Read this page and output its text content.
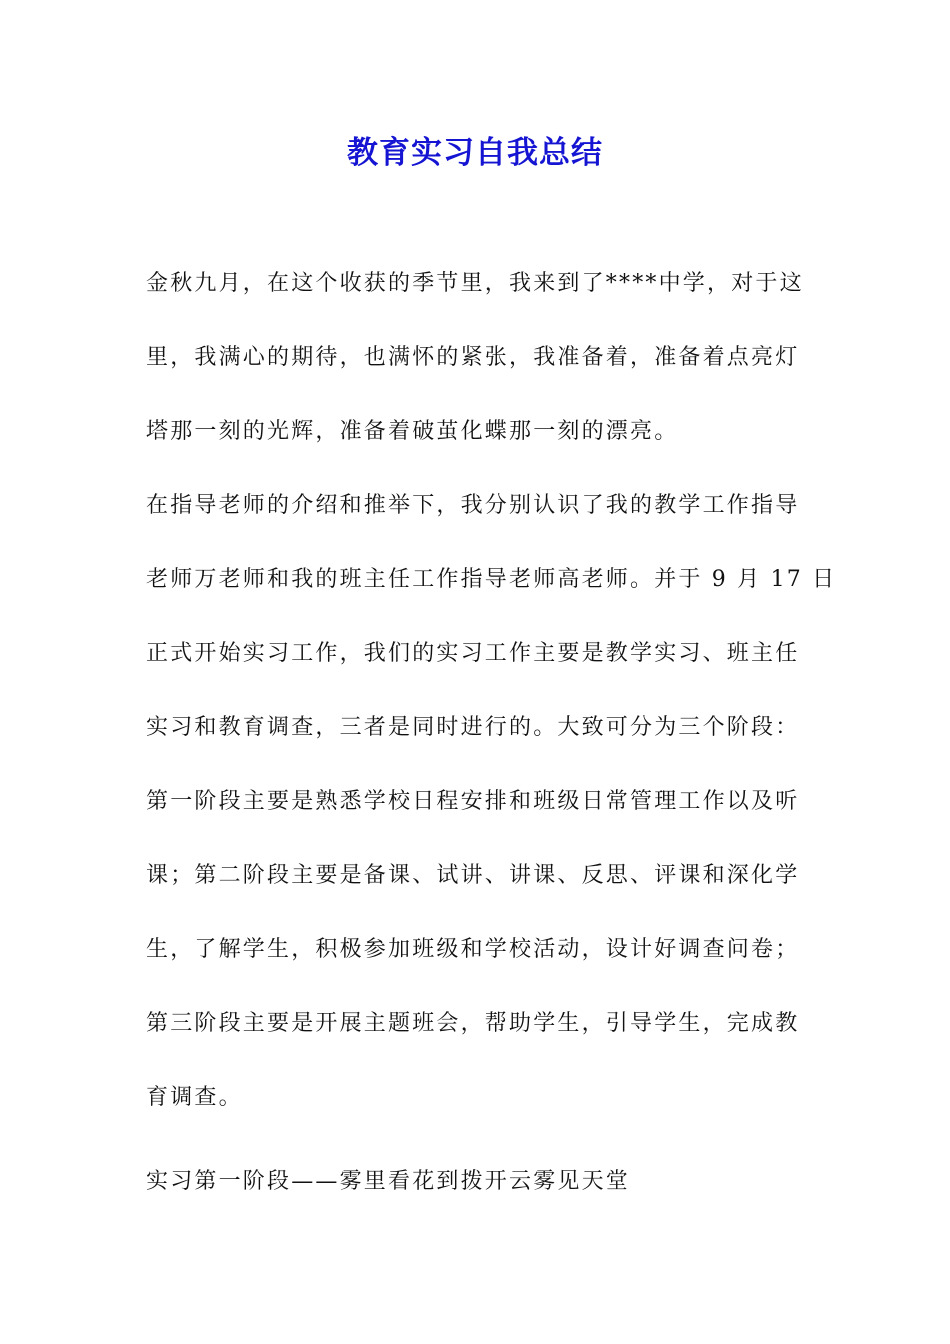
教育实习自我总结
金秋九月，在这个收获的季节里，我来到了****中学，对于这
里，我满心的期待，也满怀的紧张，我准备着，准备着点亮灯
塔那一刻的光辉，准备着破茧化蝶那一刻的漂亮。
在指导老师的介绍和推举下，我分别认识了我的教学工作指导
老师万老师和我的班主任工作指导老师高老师。并于 9 月 17 日
正式开始实习工作，我们的实习工作主要是教学实习、班主任
实习和教育调查，三者是同时进行的。大致可分为三个阶段：
第一阶段主要是熟悉学校日程安排和班级日常管理工作以及听
课；第二阶段主要是备课、试讲、讲课、反思、评课和深化学
生，了解学生，积极参加班级和学校活动，设计好调查问卷；
第三阶段主要是开展主题班会，帮助学生，引导学生，完成教
育调查。
实习第一阶段——雾里看花到拨开云雾见天堂
